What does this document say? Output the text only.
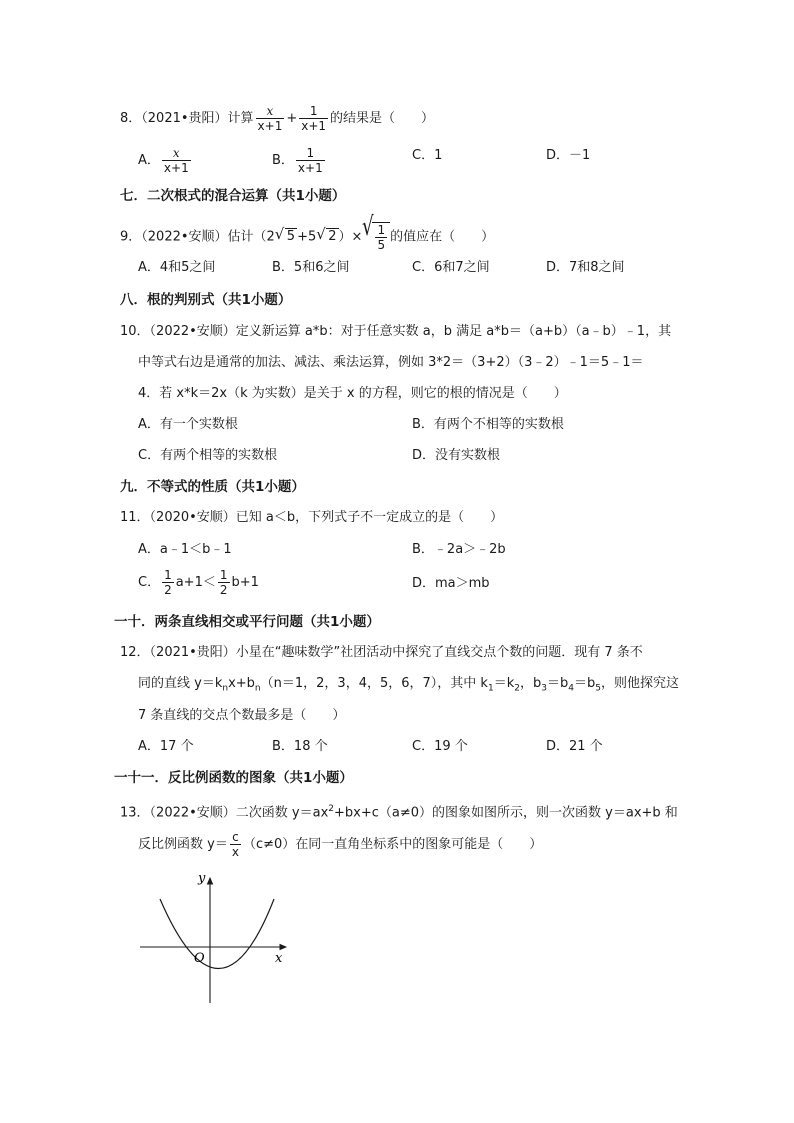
8．（2021•贵阳）计算 $\frac{x}{x+1} + \frac{1}{x+1}$ 的结果是（　　）
A． $\frac{x}{x+1}$	B． $\frac{1}{x+1}$	C．1	D．－1
七．二次根式的混合运算（共1小题）
9．（2022•安顺）估计（2 √ 5 +5 √ 2 ）× √ $\frac{1}{5}$ 的值应在（　　）
A．4和5之间	B．5和6之间	C．6和7之间	D．7和8之间
八．根的判别式（共1小题）
10．（2022•安顺）定义新运算 a*b：对于任意实数 a，b 满足 a*b＝（a+b）（a﹣b）﹣1，其
中等式右边是通常的加法、减法、乘法运算，例如 3*2＝（3+2）（3﹣2）﹣1＝5﹣1＝
4．若 x*k＝2x（k 为实数）是关于 x 的方程，则它的根的情况是（　　）
A．有一个实数根	B．有两个不相等的实数根
C．有两个相等的实数根	D．没有实数根
九．不等式的性质（共1小题）
11．（2020•安顺）已知 a＜b，下列式子不一定成立的是（　　）
A．a﹣1＜b﹣1	B．﹣2a＞﹣2b
C． $\frac{1}{2} a+1< \frac{1}{2} b+1$	D．ma＞mb
一十．两条直线相交或平行问题（共1小题）
12．（2021•贵阳）小星在“趣味数学”社团活动中探究了直线交点个数的问题．现有 7 条不
同的直线 $y=k_nx+b_n(n=1$，2，3，4，5，6，7），其中 $k_1=k_2$，$b_3=b_4=b_5$，则他探究这
7 条直线的交点个数最多是（　　）
A．17 个	B．18 个	C．19 个	D．21 个
一十一．反比例函数的图象（共1小题）
13．（2022•安顺）二次函数 $y=ax^2+bx+c(a\ne 0)$的图象如图所示，则一次函数 y＝ax+b 和
反比例函数 $y= \frac{c}{x} (c\ne 0)$在同一直角坐标系中的图象可能是（　　）
y
x
O
